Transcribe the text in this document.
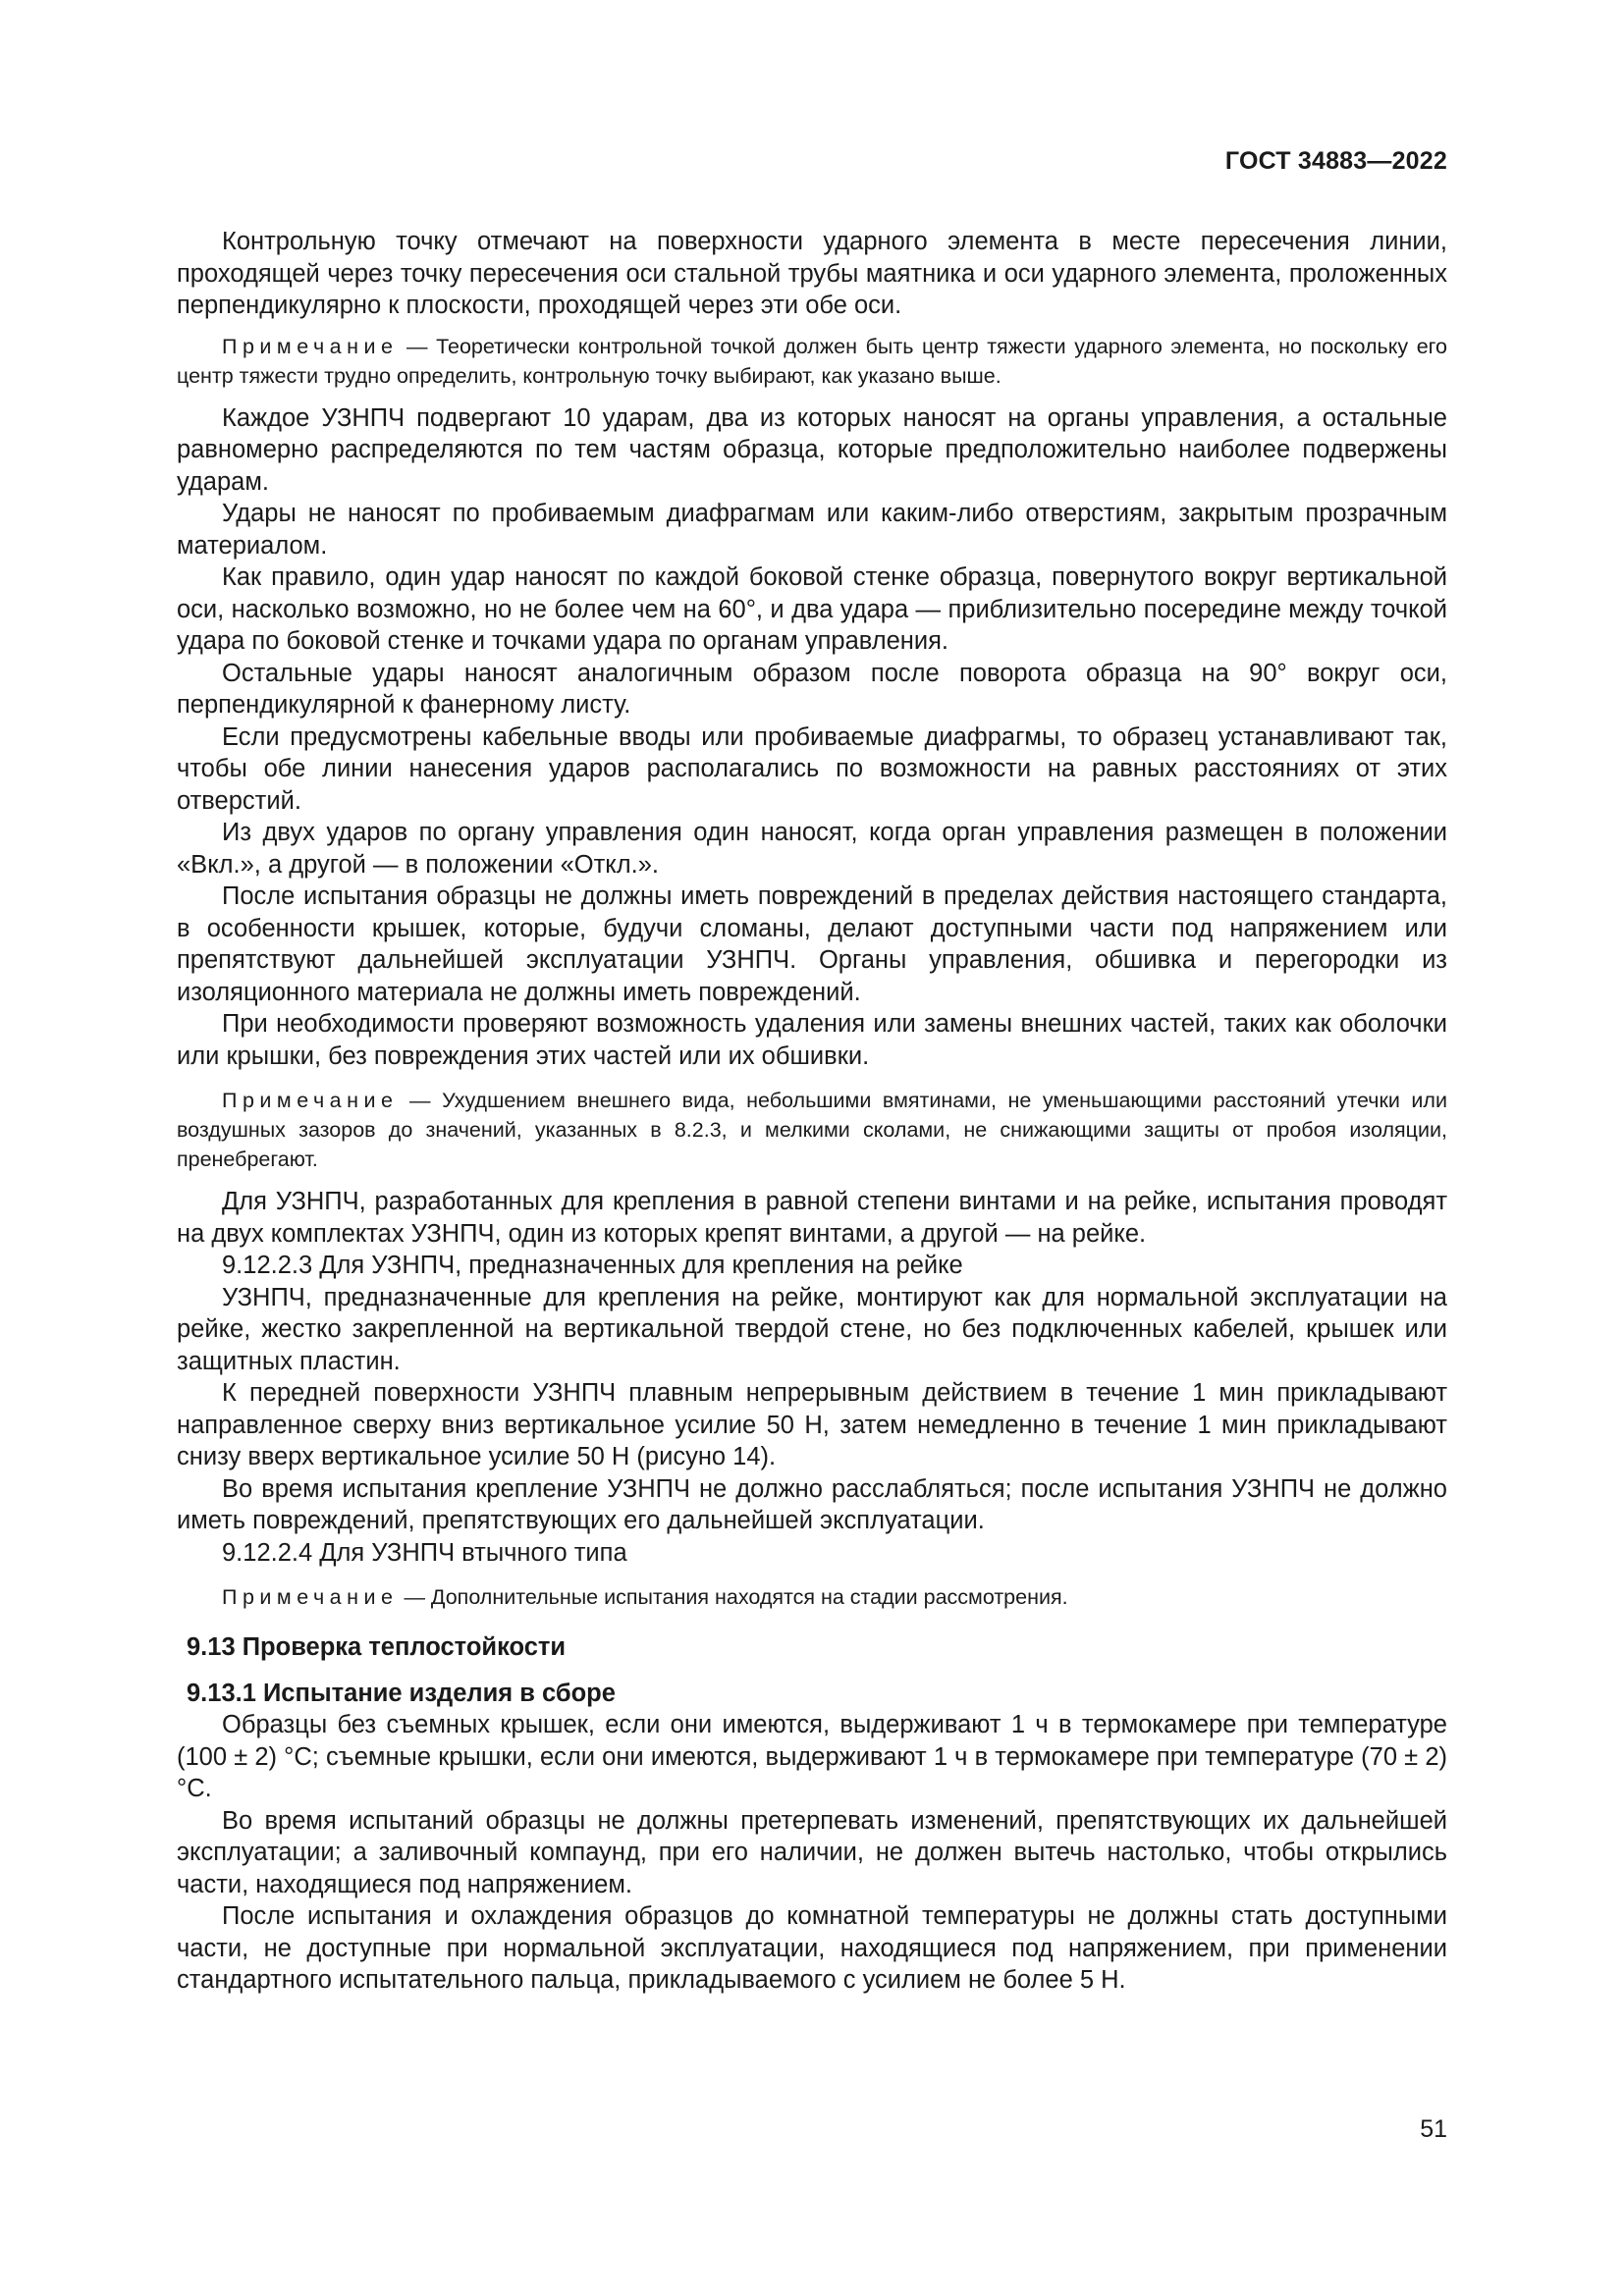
ГОСТ 34883—2022

Контрольную точку отмечают на поверхности ударного элемента в месте пересечения линии, проходящей через точку пересечения оси стальной трубы маятника и оси ударного элемента, проложенных перпендикулярно к плоскости, проходящей через эти обе оси.

Примечание — Теоретически контрольной точкой должен быть центр тяжести ударного элемента, но поскольку его центр тяжести трудно определить, контрольную точку выбирают, как указано выше.

Каждое УЗНПЧ подвергают 10 ударам, два из которых наносят на органы управления, а остальные равномерно распределяются по тем частям образца, которые предположительно наиболее подвержены ударам.

Удары не наносят по пробиваемым диафрагмам или каким-либо отверстиям, закрытым прозрачным материалом.

Как правило, один удар наносят по каждой боковой стенке образца, повернутого вокруг вертикальной оси, насколько возможно, но не более чем на 60°, и два удара — приблизительно посередине между точкой удара по боковой стенке и точками удара по органам управления.

Остальные удары наносят аналогичным образом после поворота образца на 90° вокруг оси, перпендикулярной к фанерному листу.

Если предусмотрены кабельные вводы или пробиваемые диафрагмы, то образец устанавливают так, чтобы обе линии нанесения ударов располагались по возможности на равных расстояниях от этих отверстий.

Из двух ударов по органу управления один наносят, когда орган управления размещен в положении «Вкл.», а другой — в положении «Откл.».

После испытания образцы не должны иметь повреждений в пределах действия настоящего стандарта, в особенности крышек, которые, будучи сломаны, делают доступными части под напряжением или препятствуют дальнейшей эксплуатации УЗНПЧ. Органы управления, обшивка и перегородки из изоляционного материала не должны иметь повреждений.

При необходимости проверяют возможность удаления или замены внешних частей, таких как оболочки или крышки, без повреждения этих частей или их обшивки.

Примечание — Ухудшением внешнего вида, небольшими вмятинами, не уменьшающими расстояний утечки или воздушных зазоров до значений, указанных в 8.2.3, и мелкими сколами, не снижающими защиты от пробоя изоляции, пренебрегают.

Для УЗНПЧ, разработанных для крепления в равной степени винтами и на рейке, испытания проводят на двух комплектах УЗНПЧ, один из которых крепят винтами, а другой — на рейке.

9.12.2.3 Для УЗНПЧ, предназначенных для крепления на рейке

УЗНПЧ, предназначенные для крепления на рейке, монтируют как для нормальной эксплуатации на рейке, жестко закрепленной на вертикальной твердой стене, но без подключенных кабелей, крышек или защитных пластин.

К передней поверхности УЗНПЧ плавным непрерывным действием в течение 1 мин прикладывают направленное сверху вниз вертикальное усилие 50 Н, затем немедленно в течение 1 мин прикладывают снизу вверх вертикальное усилие 50 Н (рисуно 14).

Во время испытания крепление УЗНПЧ не должно расслабляться; после испытания УЗНПЧ не должно иметь повреждений, препятствующих его дальнейшей эксплуатации.

9.12.2.4 Для УЗНПЧ втычного типа

Примечание — Дополнительные испытания находятся на стадии рассмотрения.

9.13 Проверка теплостойкости

9.13.1 Испытание изделия в сборе

Образцы без съемных крышек, если они имеются, выдерживают 1 ч в термокамере при температуре (100 ± 2) °С; съемные крышки, если они имеются, выдерживают 1 ч в термокамере при температуре (70 ± 2) °С.

Во время испытаний образцы не должны претерпевать изменений, препятствующих их дальнейшей эксплуатации; а заливочный компаунд, при его наличии, не должен вытечь настолько, чтобы открылись части, находящиеся под напряжением.

После испытания и охлаждения образцов до комнатной температуры не должны стать доступными части, не доступные при нормальной эксплуатации, находящиеся под напряжением, при применении стандартного испытательного пальца, прикладываемого с усилием не более 5 Н.

51
